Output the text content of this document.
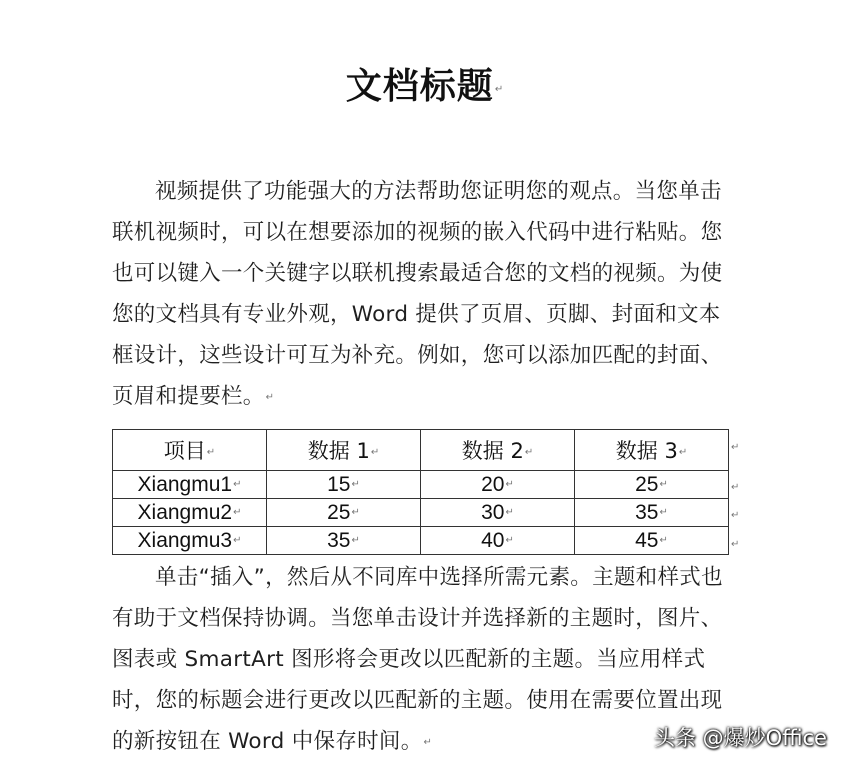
文档标题↵
视频提供了功能强大的方法帮助您证明您的观点。当您单击联机视频时，可以在想要添加的视频的嵌入代码中进行粘贴。您也可以键入一个关键字以联机搜索最适合您的文档的视频。为使您的文档具有专业外观，Word 提供了页眉、页脚、封面和文本框设计，这些设计可互为补充。例如，您可以添加匹配的封面、页眉和提要栏。↵
项目↵	数据 1↵	数据 2↵	数据 3↵
Xiangmu1↵	15↵	20↵	25↵
Xiangmu2↵	25↵	30↵	35↵
Xiangmu3↵	35↵	40↵	45↵
↵
↵
↵
↵
单击“插入”，然后从不同库中选择所需元素。主题和样式也有助于文档保持协调。当您单击设计并选择新的主题时，图片、图表或 SmartArt 图形将会更改以匹配新的主题。当应用样式时，您的标题会进行更改以匹配新的主题。使用在需要位置出现的新按钮在 Word 中保存时间。↵	头条 @爆炒Office
